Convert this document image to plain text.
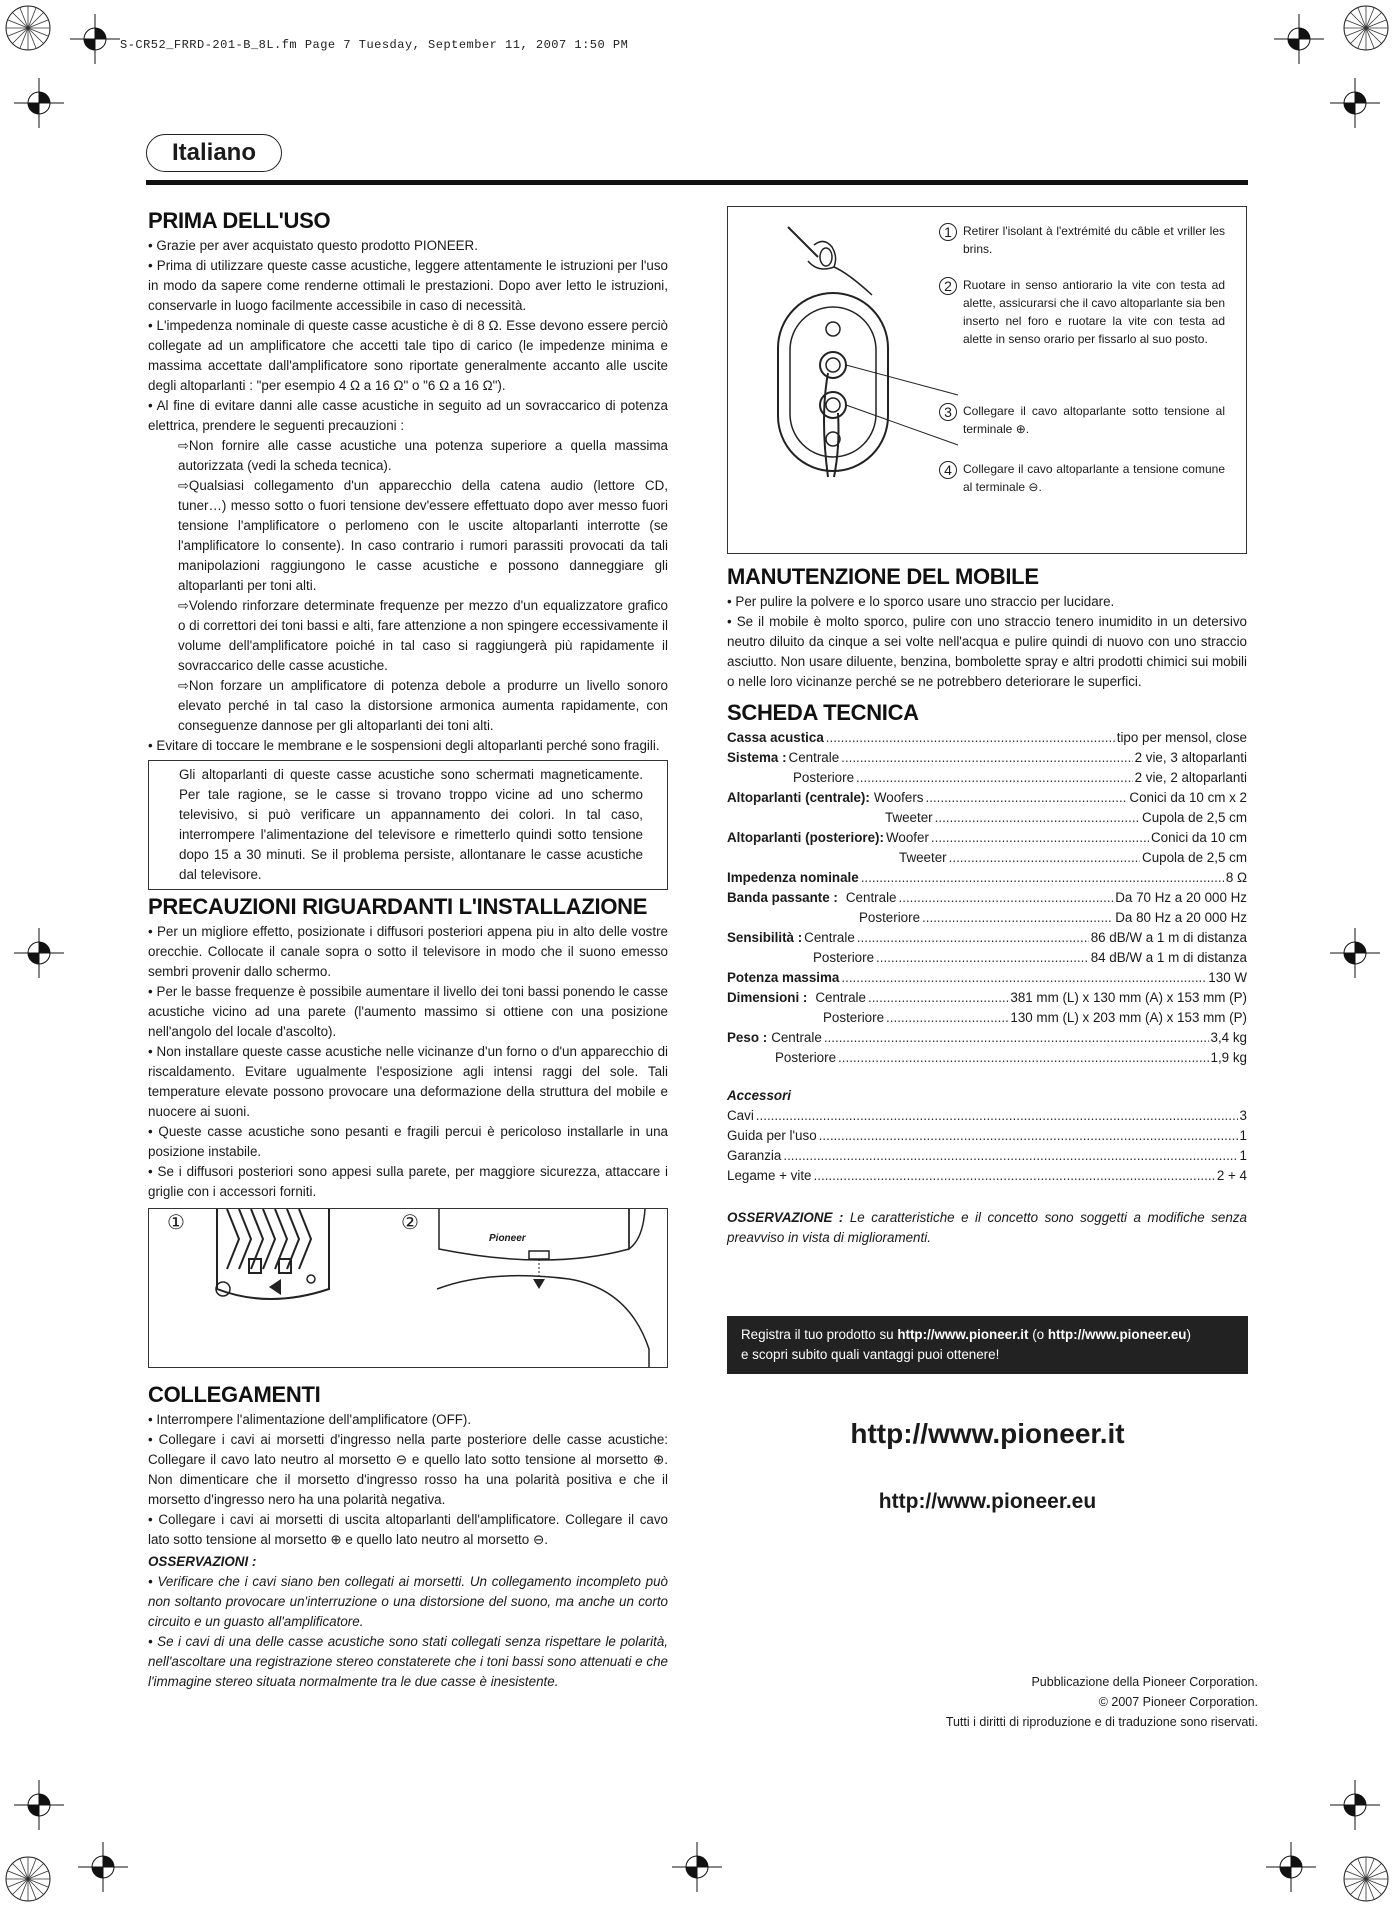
S-CR52_FRRD-201-B_8L.fm Page 7 Tuesday, September 11, 2007 1:50 PM
Italiano
PRIMA DELL'USO

• Grazie per aver acquistato questo prodotto PIONEER.

• Prima di utilizzare queste casse acustiche, leggere attentamente le istruzioni per l'uso in modo da sapere come renderne ottimali le prestazioni. Dopo aver letto le istruzioni, conservarle in luogo facilmente accessibile in caso di necessità.

• L'impedenza nominale di queste casse acustiche è di 8 Ω. Esse devono essere perciò collegate ad un amplificatore che accetti tale tipo di carico (le impedenze minima e massima accettate dall'amplificatore sono riportate generalmente accanto alle uscite degli altoparlanti : "per esempio 4 Ω a 16 Ω" o "6 Ω a 16 Ω").

• Al fine di evitare danni alle casse acustiche in seguito ad un sovraccarico di potenza elettrica, prendere le seguenti precauzioni :

⇨Non fornire alle casse acustiche una potenza superiore a quella massima autorizzata (vedi la scheda tecnica).

⇨Qualsiasi collegamento d'un apparecchio della catena audio (lettore CD, tuner…) messo sotto o fuori tensione dev'essere effettuato dopo aver messo fuori tensione l'amplificatore o perlomeno con le uscite altoparlanti interrotte (se l'amplificatore lo consente). In caso contrario i rumori parassiti provocati da tali manipolazioni raggiungono le casse acustiche e possono danneggiare gli altoparlanti per toni alti.

⇨Volendo rinforzare determinate frequenze per mezzo d'un equalizzatore grafico o di correttori dei toni bassi e alti, fare attenzione a non spingere eccessivamente il volume dell'amplificatore poiché in tal caso si raggiungerà più rapidamente il sovraccarico delle casse acustiche.

⇨Non forzare un amplificatore di potenza debole a produrre un livello sonoro elevato perché in tal caso la distorsione armonica aumenta rapidamente, con conseguenze dannose per gli altoparlanti dei toni alti.

• Evitare di toccare le membrane e le sospensioni degli altoparlanti perché sono fragili.

Gli altoparlanti di queste casse acustiche sono schermati magneticamente. Per tale ragione, se le casse si trovano troppo vicine ad uno schermo televisivo, si può verificare un appannamento dei colori. In tal caso, interrompere l'alimentazione del televisore e rimetterlo quindi sotto tensione dopo 15 a 30 minuti. Se il problema persiste, allontanare le casse acustiche dal televisore.
PRECAUZIONI RIGUARDANTI L'INSTALLAZIONE

• Per un migliore effetto, posizionate i diffusori posteriori appena piu in alto delle vostre orecchie. Collocate il canale sopra o sotto il televisore in modo che il suono emesso sembri provenir dallo schermo.

• Per le basse frequenze è possibile aumentare il livello dei toni bassi ponendo le casse acustiche vicino ad una parete (l'aumento massimo si ottiene con una posizione nell'angolo del locale d'ascolto).

• Non installare queste casse acustiche nelle vicinanze d'un forno o d'un apparecchio di riscaldamento. Evitare ugualmente l'esposizione agli intensi raggi del sole. Tali temperature elevate possono provocare una deformazione della struttura del mobile e nuocere ai suoni.

• Queste casse acustiche sono pesanti e fragili percui è pericoloso installarle in una posizione instabile.

• Se i diffusori posteriori sono appesi sulla parete, per maggiore sicurezza, attaccare i griglie con i accessori forniti.

①	②
Pioneer
COLLEGAMENTI

• Interrompere l'alimentazione dell'amplificatore (OFF).

• Collegare i cavi ai morsetti d'ingresso nella parte posteriore delle casse acustiche: Collegare il cavo lato neutro al morsetto ⊖ e quello lato sotto tensione al morsetto ⊕. Non dimenticare che il morsetto d'ingresso rosso ha una polarità positiva e che il morsetto d'ingresso nero ha una polarità negativa.

• Collegare i cavi ai morsetti di uscita altoparlanti dell'amplificatore. Collegare il cavo lato sotto tensione al morsetto ⊕ e quello lato neutro al morsetto ⊖.

OSSERVAZIONI :

• Verificare che i cavi siano ben collegati ai morsetti. Un collegamento incompleto può non soltanto provocare un'interruzione o una distorsione del suono, ma anche un corto circuito e un guasto all'amplificatore.

• Se i cavi di una delle casse acustiche sono stati collegati senza rispettare le polarità, nell'ascoltare una registrazione stereo constaterete che i toni bassi sono attenuati e che l'immagine stereo situata normalmente tra le due casse è inesistente.

MANUTENZIONE DEL MOBILE

• Per pulire la polvere e lo sporco usare uno straccio per lucidare.

• Se il mobile è molto sporco, pulire con uno straccio tenero inumidito in un detersivo neutro diluito da cinque a sei volte nell'acqua e pulire quindi di nuovo con uno straccio asciutto. Non usare diluente, benzina, bombolette spray e altri prodotti chimici sui mobili o nelle loro vicinanze perché se ne potrebbero deteriorare le superfici.

SCHEDA TECNICA
Cassa acustica .....	tipo per mensol, close
Sistema : Centrale .....	2 vie, 3 altoparlanti
Posteriore .....	2 vie, 2 altoparlanti
Altoparlanti (centrale): Woofers .....	Conici da 10 cm x 2
Tweeter .....	Cupola de 2,5 cm
Altoparlanti (posteriore): Woofer .....	Conici da 10 cm
Tweeter .....	Cupola de 2,5 cm
Impedenza nominale .....	8 Ω
Banda passante : Centrale .....	Da 70 Hz a 20 000 Hz
Posteriore .....	Da 80 Hz a 20 000 Hz
Sensibilità : Centrale .....	86 dB/W a 1 m di distanza
Posteriore .....	84 dB/W a 1 m di distanza
Potenza massima .....	130 W
Dimensioni : Centrale .....	381 mm (L) x 130 mm (A) x 153 mm (P)
Posteriore .....	130 mm (L) x 203 mm (A) x 153 mm (P)
Peso : Centrale .....	3,4 kg
Posteriore .....	1,9 kg

Accessori

Cavi .....	3
Guida per l'uso .....	1
Garanzia .....	1
Legame + vite .....	2 + 4

OSSERVAZIONE : Le caratteristiche e il concetto sono soggetti a modifiche senza preavviso in vista di miglioramenti.

1 Retirer l'isolant à l'extrémité du câble et vriller les brins.
2 Ruotare in senso antiorario la vite con testa ad alette, assicurarsi che il cavo altoparlante sia ben inserto nel foro e ruotare la vite con testa ad alette in senso orario per fissarlo al suo posto.
3 Collegare il cavo altoparlante sotto tensione al terminale ⊕.
4 Collegare il cavo altoparlante a tensione comune al terminale ⊖.
Registra il tuo prodotto su http://www.pioneer.it (o http://www.pioneer.eu)
e scopri subito quali vantaggi puoi ottenere!
http://www.pioneer.it
http://www.pioneer.eu
Pubblicazione della Pioneer Corporation.
© 2007 Pioneer Corporation.
Tutti i diritti di riproduzione e di traduzione sono riservati.
